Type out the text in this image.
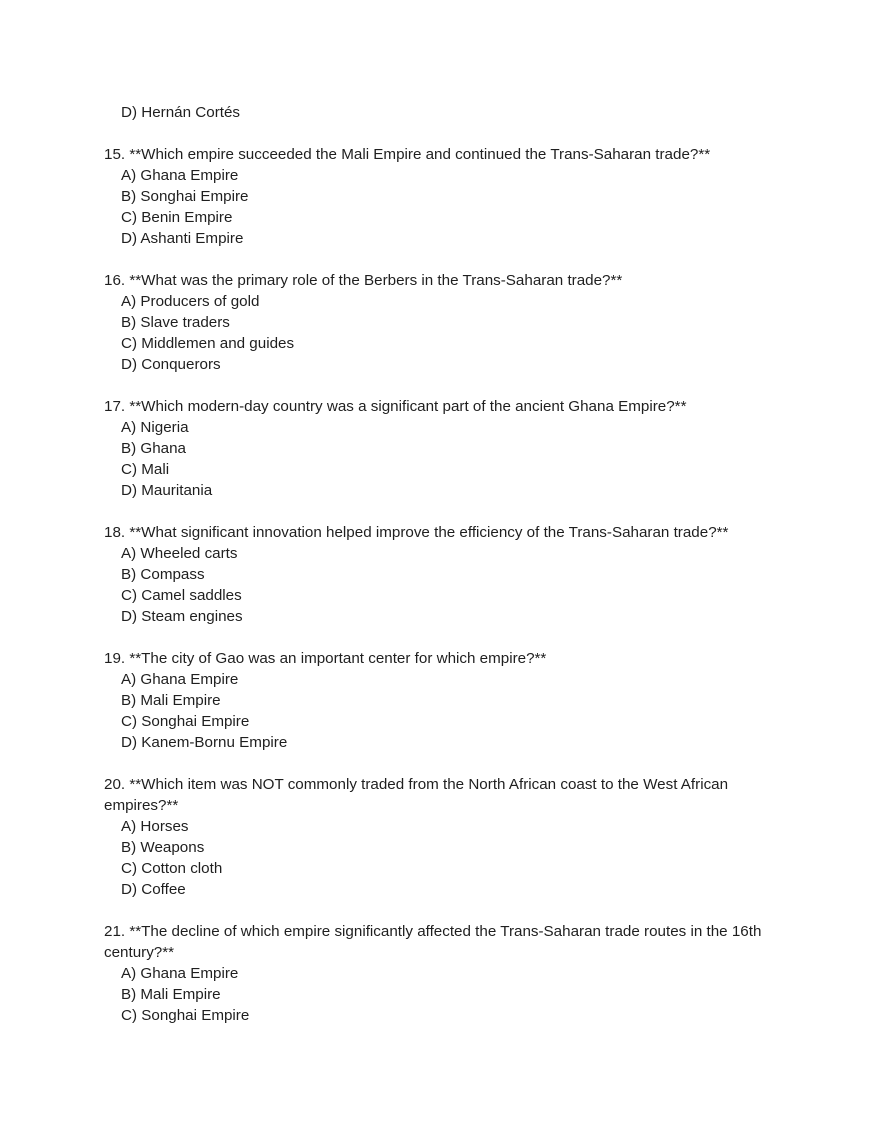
D) Hernán Cortés
15. **Which empire succeeded the Mali Empire and continued the Trans-Saharan trade?**
A) Ghana Empire
B) Songhai Empire
C) Benin Empire
D) Ashanti Empire
16. **What was the primary role of the Berbers in the Trans-Saharan trade?**
A) Producers of gold
B) Slave traders
C) Middlemen and guides
D) Conquerors
17. **Which modern-day country was a significant part of the ancient Ghana Empire?**
A) Nigeria
B) Ghana
C) Mali
D) Mauritania
18. **What significant innovation helped improve the efficiency of the Trans-Saharan trade?**
A) Wheeled carts
B) Compass
C) Camel saddles
D) Steam engines
19. **The city of Gao was an important center for which empire?**
A) Ghana Empire
B) Mali Empire
C) Songhai Empire
D) Kanem-Bornu Empire
20. **Which item was NOT commonly traded from the North African coast to the West African empires?**
A) Horses
B) Weapons
C) Cotton cloth
D) Coffee
21. **The decline of which empire significantly affected the Trans-Saharan trade routes in the 16th century?**
A) Ghana Empire
B) Mali Empire
C) Songhai Empire
